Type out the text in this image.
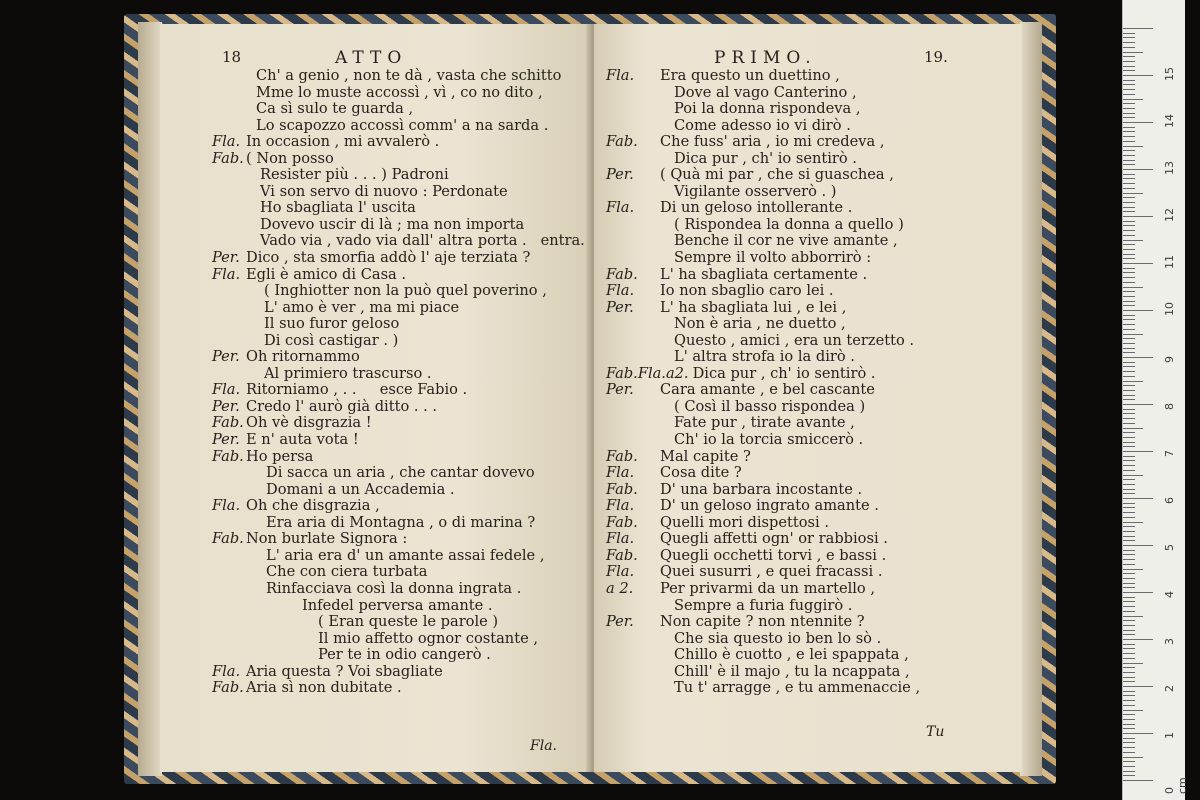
18	ATTO
Ch' a genio , non te dà , vasta che schitto
Mme lo muste accossì , vì , co no dito ,
Ca sì sulo te guarda ,
Lo scapozzo accossì comm' a na sarda .
Fla. In occasion , mi avvalerò .
Fab. ( Non posso
Resister più . . . ) Padroni
Vi son servo di nuovo : Perdonate
Ho sbagliata l' uscita
Dovevo uscir di là ; ma non importa
Vado via , vado via dall' altra porta .   entra.
Per. Dico , sta smorfia addò l' aje terziata ?
Fla. Egli è amico di Casa .
( Inghiotter non la può quel poverino ,
L' amo è ver , ma mi piace
Il suo furor geloso
Di così castigar . )
Per. Oh ritornammo
Al primiero trascurso .
Fla. Ritorniamo , . .     esce Fabio .
Per. Credo l' aurò già ditto . . .
Fab. Oh vè disgrazia !
Per. E n' auta vota !
Fab. Ho persa
Di sacca un aria , che cantar dovevo
Domani a un Accademia .
Fla. Oh che disgrazia ,
Era aria di Montagna , o di marina ?
Fab. Non burlate Signora :
L' aria era d' un amante assai fedele ,
Che con ciera turbata
Rinfacciava così la donna ingrata .
Infedel perversa amante .
( Eran queste le parole )
Il mio affetto ognor costante ,
Per te in odio cangerò .
Fla. Aria questa ? Voi sbagliate
Fab. Aria sì non dubitate .
Fla.
PRIMO.	19.
Fla. Era questo un duettino ,
Dove al vago Canterino ,
Poi la donna rispondeva ,
Come adesso io vi dirò .
Fab. Che fuss' aria , io mi credeva ,
Dica pur , ch' io sentirò .
Per. ( Quà mi par , che si guaschea ,
Vigilante osserverò . )
Fla. Di un geloso intollerante .
( Rispondea la donna a quello )
Benche il cor ne vive amante ,
Sempre il volto abborrirò :
Fab. L' ha sbagliata certamente .
Fla. Io non sbaglio caro lei .
Per. L' ha sbagliata lui , e lei ,
Non è aria , ne duetto ,
Questo , amici , era un terzetto .
L' altra strofa io la dirò .
Fab.Fla.a2. Dica pur , ch' io sentirò .
Per. Cara amante , e bel cascante
( Così il basso rispondea )
Fate pur , tirate avante ,
Ch' io la torcia smiccerò .
Fab. Mal capite ?
Fla. Cosa dite ?
Fab. D' una barbara incostante .
Fla. D' un geloso ingrato amante .
Fab. Quelli mori dispettosi .
Fla. Quegli affetti ogn' or rabbiosi .
Fab. Quegli occhetti torvi , e bassi .
Fla. Quei susurri , e quei fracassi .
a 2. Per privarmi da un martello ,
Sempre a furia fuggirò .
Per. Non capite ? non ntennite ?
Che sia questo io ben lo sò .
Chillo è cuotto , e lei spappata ,
Chill' è il majo , tu la ncappata ,
Tu t' arragge , e tu ammenaccie ,
Tu
0 cm
1
2
3
4
5
6
7
8
9
10
11
12
13
14
15
